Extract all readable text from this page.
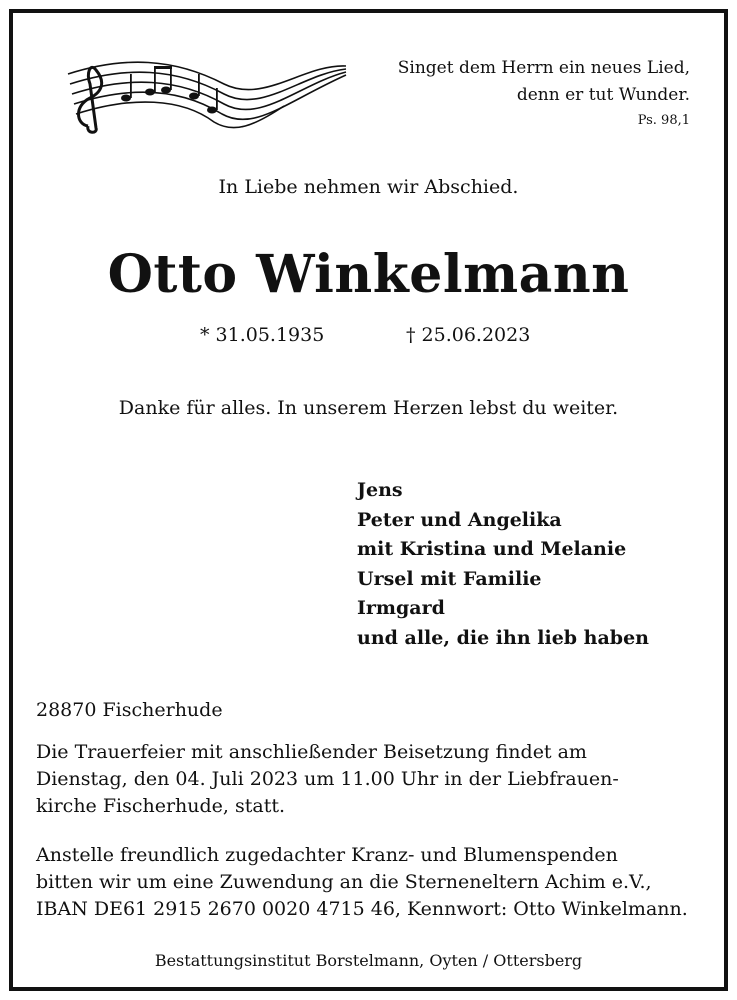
Singet dem Herrn ein neues Lied,
denn er tut Wunder.
Ps. 98,1
In Liebe nehmen wir Abschied.
Otto Winkelmann
* 31.05.1935	† 25.06.2023
Danke für alles. In unserem Herzen lebst du weiter.
Jens
Peter und Angelika
mit Kristina und Melanie
Ursel mit Familie
Irmgard
und alle, die ihn lieb haben
28870 Fischerhude
Die Trauerfeier mit anschließender Beisetzung findet am
Dienstag, den 04. Juli 2023 um 11.00 Uhr in der Liebfrauen-
kirche Fischerhude, statt.
Anstelle freundlich zugedachter Kranz- und Blumenspenden
bitten wir um eine Zuwendung an die Sterneneltern Achim e.V.,
IBAN DE61 2915 2670 0020 4715 46, Kennwort: Otto Winkelmann.
Bestattungsinstitut Borstelmann, Oyten / Ottersberg
